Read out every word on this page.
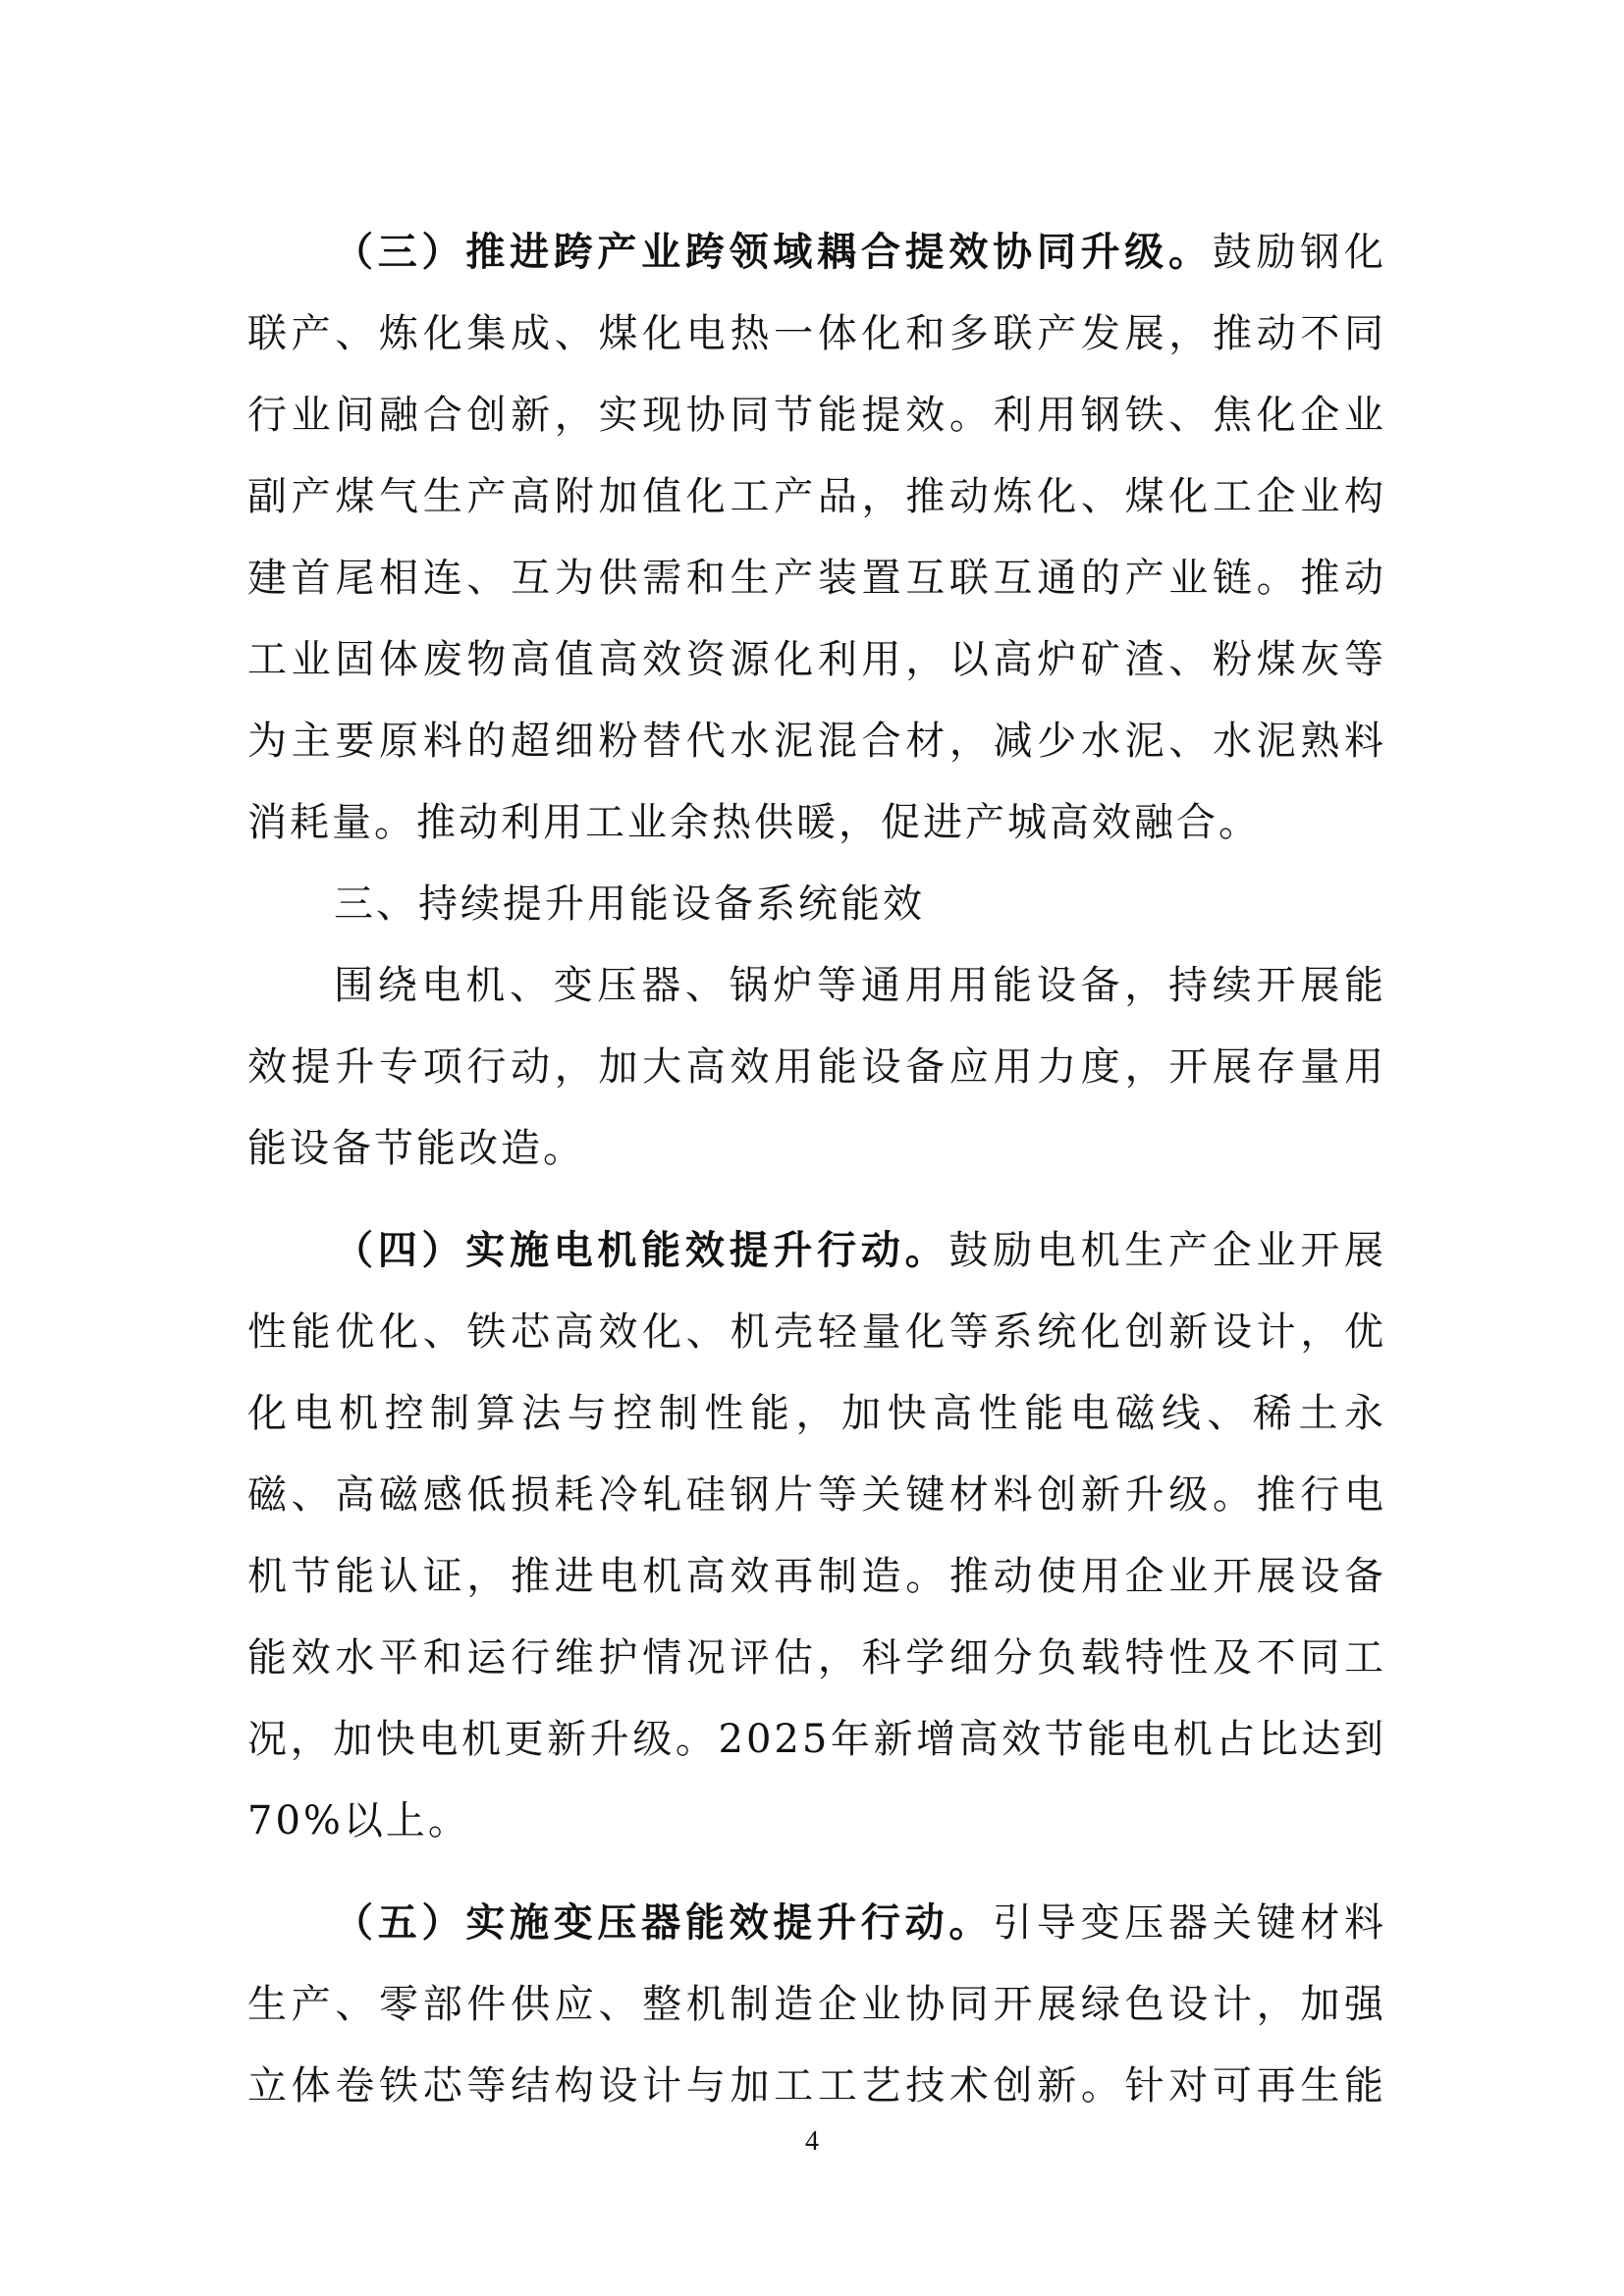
（三）推进跨产业跨领域耦合提效协同升级。鼓励钢化联产、炼化集成、煤化电热一体化和多联产发展，推动不同行业间融合创新，实现协同节能提效。利用钢铁、焦化企业副产煤气生产高附加值化工产品，推动炼化、煤化工企业构建首尾相连、互为供需和生产装置互联互通的产业链。推动工业固体废物高值高效资源化利用，以高炉矿渣、粉煤灰等为主要原料的超细粉替代水泥混合材，减少水泥、水泥熟料消耗量。推动利用工业余热供暖，促进产城高效融合。

三、持续提升用能设备系统能效

围绕电机、变压器、锅炉等通用用能设备，持续开展能效提升专项行动，加大高效用能设备应用力度，开展存量用能设备节能改造。

（四）实施电机能效提升行动。鼓励电机生产企业开展性能优化、铁芯高效化、机壳轻量化等系统化创新设计，优化电机控制算法与控制性能，加快高性能电磁线、稀土永磁、高磁感低损耗冷轧硅钢片等关键材料创新升级。推行电机节能认证，推进电机高效再制造。推动使用企业开展设备能效水平和运行维护情况评估，科学细分负载特性及不同工况，加快电机更新升级。2025年新增高效节能电机占比达到70%以上。

（五）实施变压器能效提升行动。引导变压器关键材料生产、零部件供应、整机制造企业协同开展绿色设计，加强立体卷铁芯等结构设计与加工工艺技术创新。针对可再生能

4
